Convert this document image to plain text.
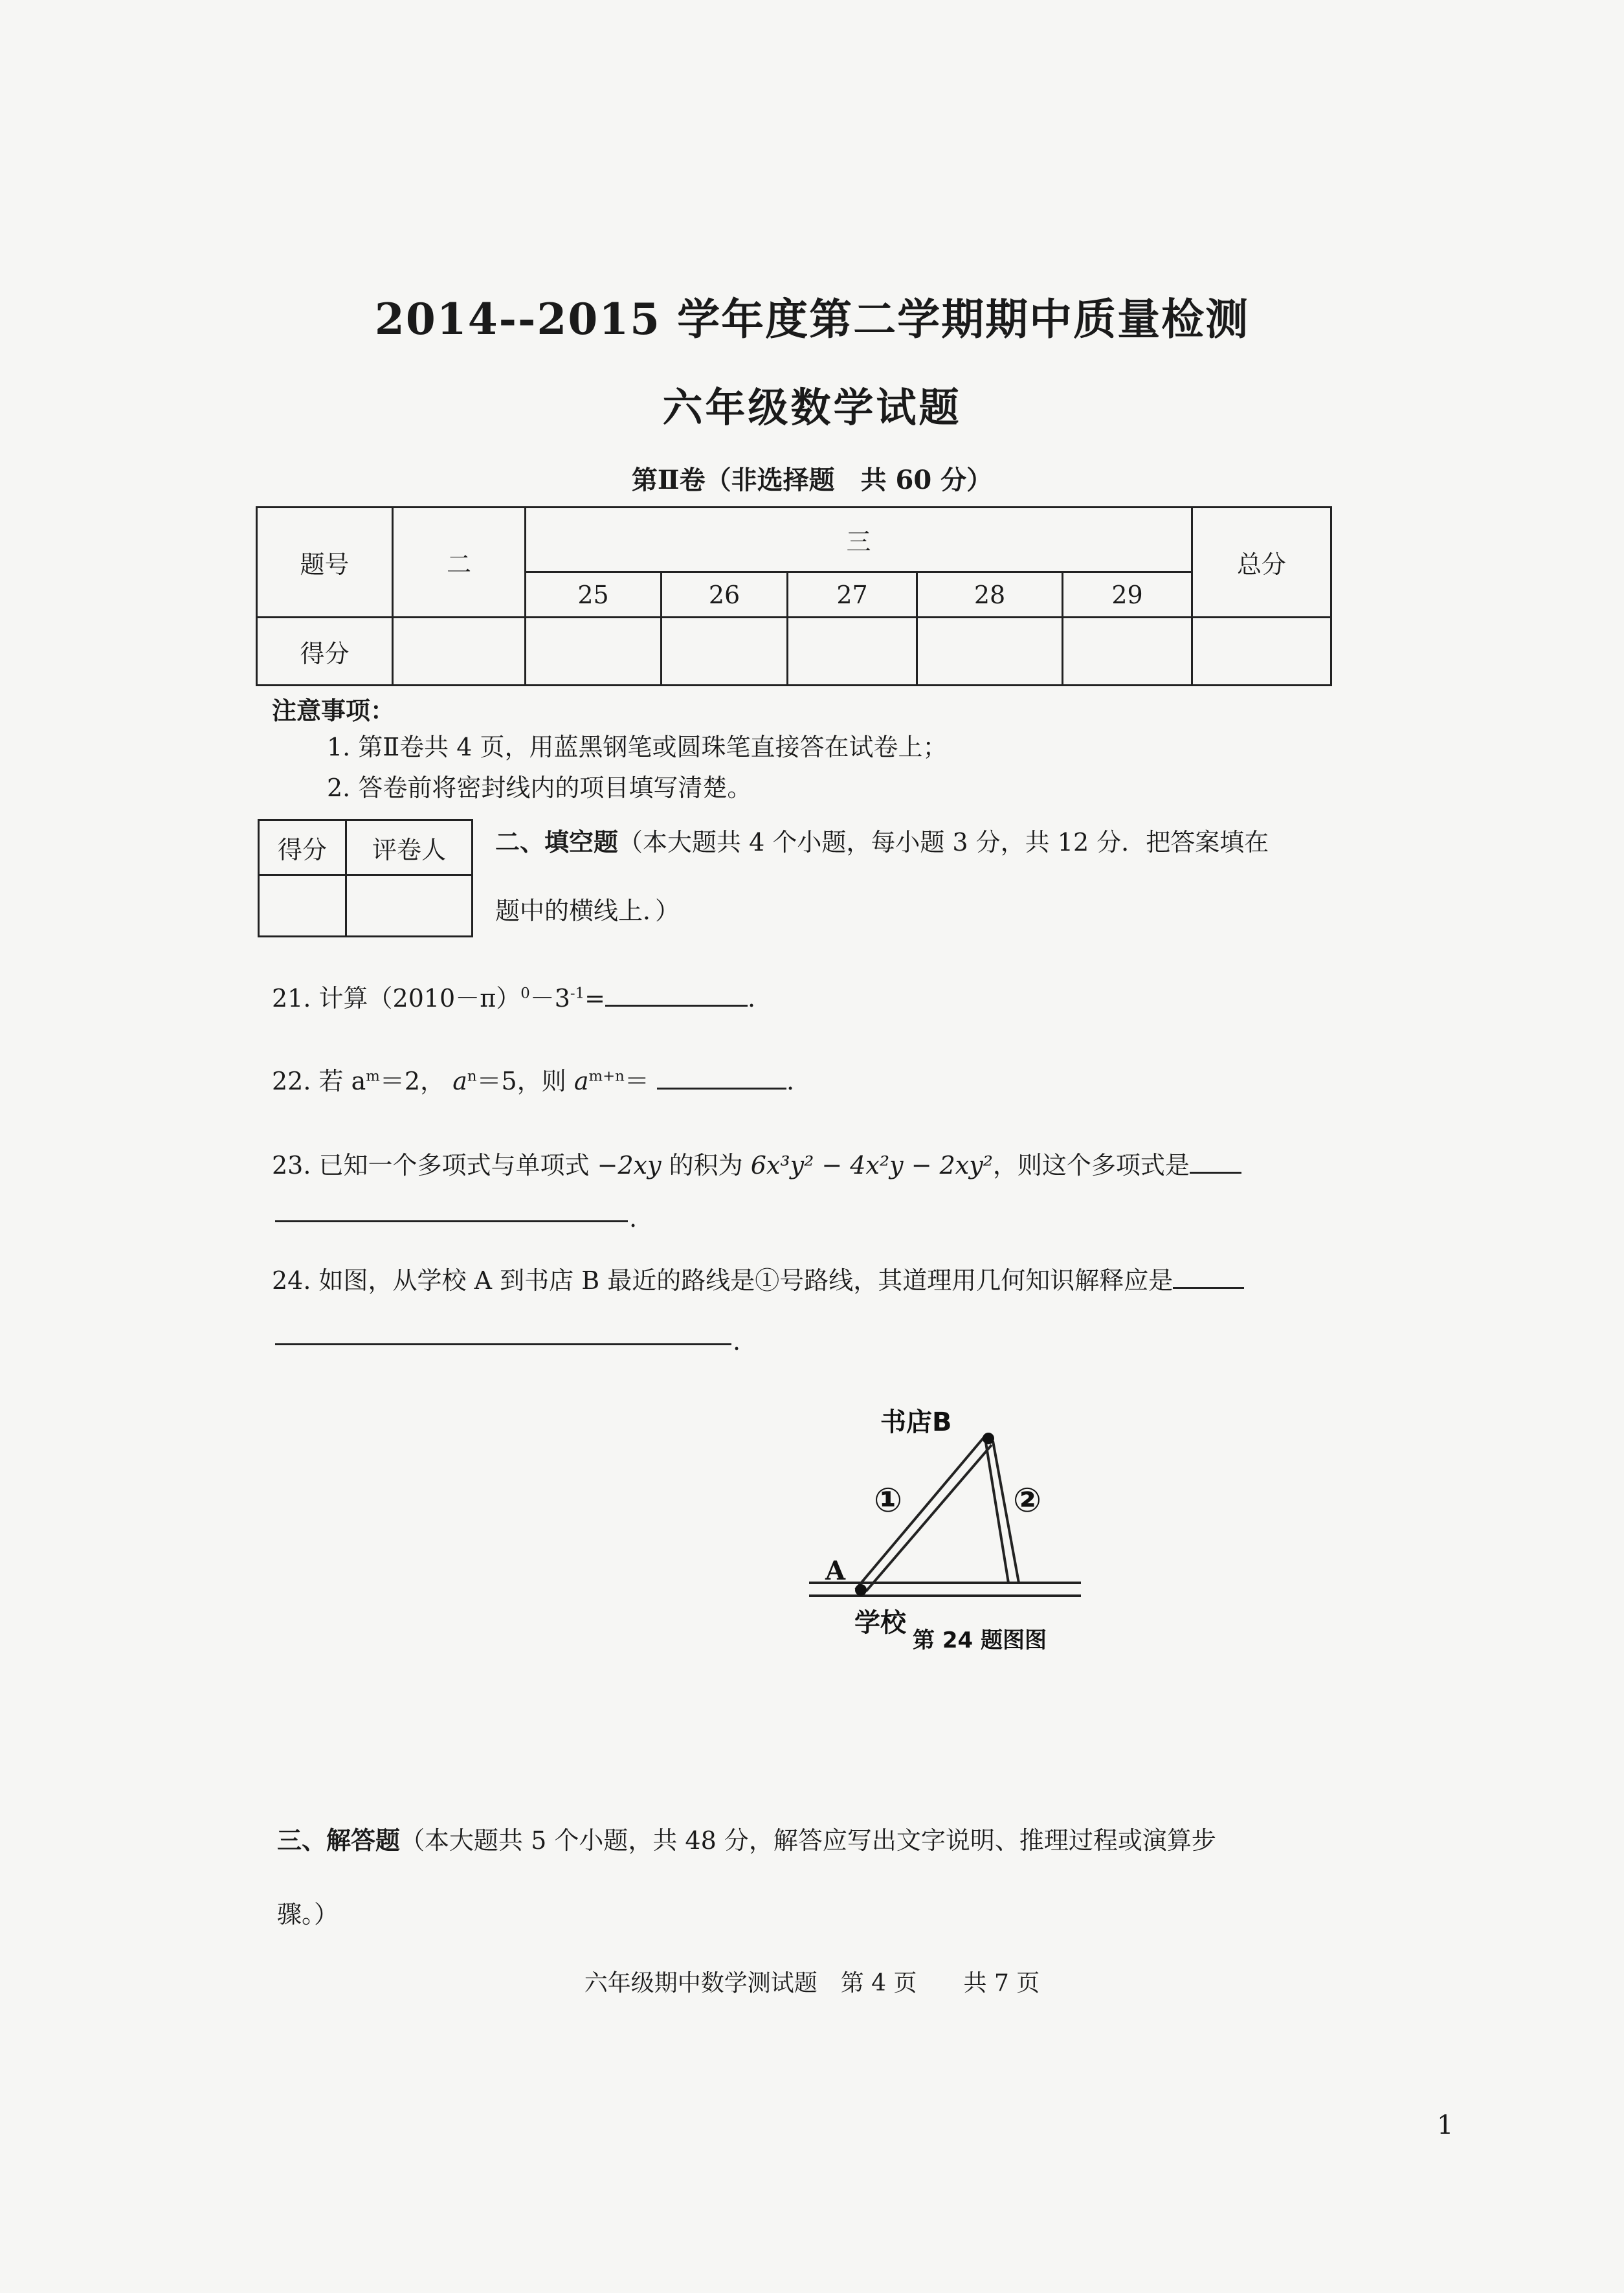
2014--2015 学年度第二学期期中质量检测
六年级数学试题
第Ⅱ卷（非选择题　共 60 分）
题号	二	三					总分
		25	26	27	28	29	
得分							
注意事项：
1. 第Ⅱ卷共 4 页，用蓝黑钢笔或圆珠笔直接答在试卷上；
2. 答卷前将密封线内的项目填写清楚。
得分	评卷人
	二、填空题（本大题共 4 个小题，每小题 3 分，共 12 分．把答案填在
题中的横线上．）
21. 计算$(2010-\pi)^0-3^{-1}=$	.
22. 若 $a^m=2$， $a^n=5$，则 $a^{m+n}=$	.
23. 已知一个多项式与单项式 −2xy 的积为 6x³y² − 4x²y − 2xy²，则这个多项式是
.
24. 如图，从学校 A 到书店 B 最近的路线是①号路线，其道理用几何知识解释应是
.
书店B
A
学校
①	②
第 24 题图图
三、解答题（本大题共 5 个小题，共 48 分，解答应写出文字说明、推理过程或演算步
骤。）
六年级期中数学测试题　第 4 页　　共 7 页
1
